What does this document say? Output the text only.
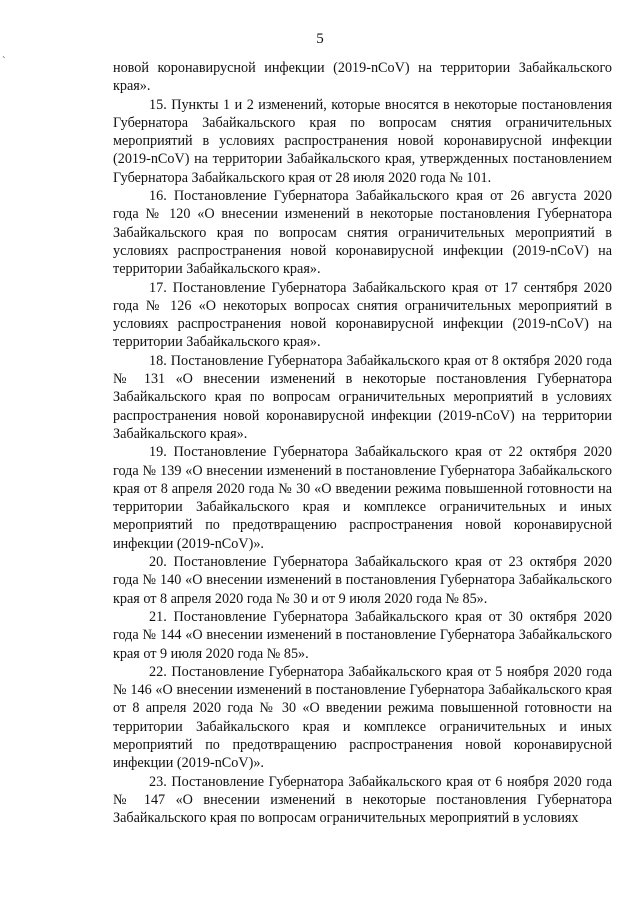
5
`	новой коронавирусной инфекции (2019-nCoV) на территории Забайкальского края».

15. Пункты 1 и 2 изменений, которые вносятся в некоторые постановления Губернатора Забайкальского края по вопросам снятия ограничительных мероприятий в условиях распространения новой коронавирусной инфекции (2019-nCoV) на территории Забайкальского края, утвержденных постановлением Губернатора Забайкальского края от 28 июля 2020 года № 101.

16. Постановление Губернатора Забайкальского края от 26 августа 2020 года № 120 «О внесении изменений в некоторые постановления Губернатора Забайкальского края по вопросам снятия ограничительных мероприятий в условиях распространения новой коронавирусной инфекции (2019-nCoV) на территории Забайкальского края».

17. Постановление Губернатора Забайкальского края от 17 сентября 2020 года № 126 «О некоторых вопросах снятия ограничительных мероприятий в условиях распространения новой коронавирусной инфекции (2019-nCoV) на территории Забайкальского края».

18. Постановление Губернатора Забайкальского края от 8 октября 2020 года № 131 «О внесении изменений в некоторые постановления Губернатора Забайкальского края по вопросам ограничительных мероприятий в условиях распространения новой коронавирусной инфекции (2019-nCoV) на территории Забайкальского края».

19. Постановление Губернатора Забайкальского края от 22 октября 2020 года № 139 «О внесении изменений в постановление Губернатора Забайкальского края от 8 апреля 2020 года № 30 «О введении режима повышенной готовности на территории Забайкальского края и комплексе ограничительных и иных мероприятий по предотвращению распространения новой коронавирусной инфекции (2019-nCoV)».

20. Постановление Губернатора Забайкальского края от 23 октября 2020 года № 140 «О внесении изменений в постановления Губернатора Забайкальского края от 8 апреля 2020 года № 30 и от 9 июля 2020 года № 85».

21. Постановление Губернатора Забайкальского края от 30 октября 2020 года № 144 «О внесении изменений в постановление Губернатора Забайкальского края от 9 июля 2020 года № 85».

22. Постановление Губернатора Забайкальского края от 5 ноября 2020 года № 146 «О внесении изменений в постановление Губернатора Забайкальского края от 8 апреля 2020 года № 30 «О введении режима повышенной готовности на территории Забайкальского края и комплексе ограничительных и иных мероприятий по предотвращению распространения новой коронавирусной инфекции (2019-nCoV)».

23. Постановление Губернатора Забайкальского края от 6 ноября 2020 года № 147 «О внесении изменений в некоторые постановления Губернатора Забайкальского края по вопросам ограничительных мероприятий в условиях
